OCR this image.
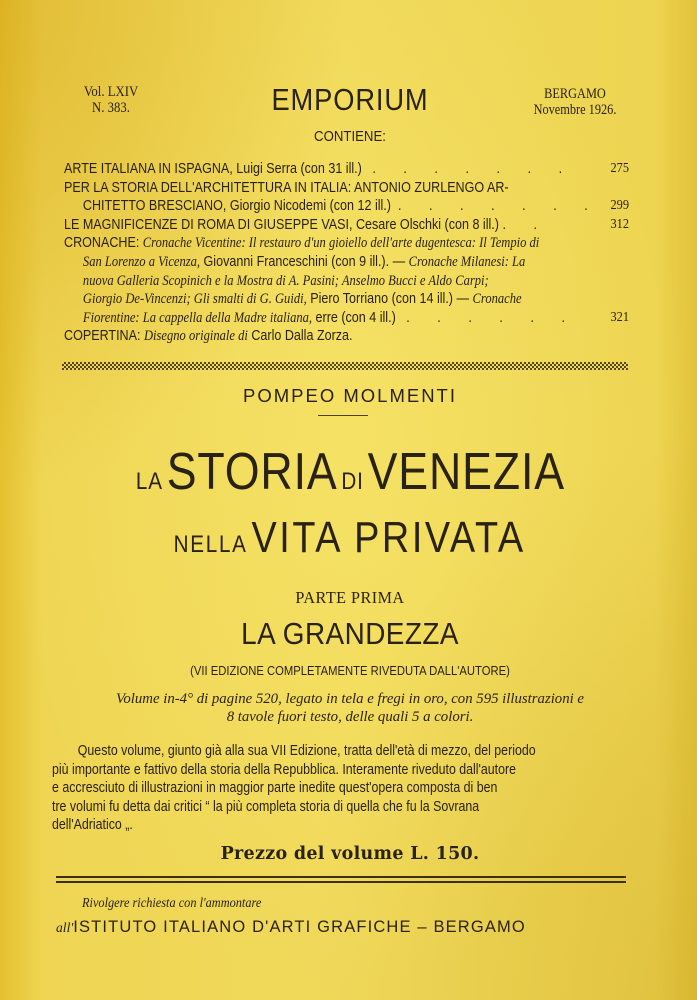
Vol. LXIV
N. 383.	EMPORIUM	BERGAMO
Novembre 1926.
CONTIENE:
ARTE ITALIANA IN ISPAGNA, Luigi Serra (con 31 ill.) . . . . . . .	275
PER LA STORIA DELL'ARCHITETTURA IN ITALIA: ANTONIO ZURLENGO AR-
CHITETTO BRESCIANO, Giorgio Nicodemi (con 12 ill.) . . . . . . . 299
LE MAGNIFICENZE DI ROMA DI GIUSEPPE VASI, Cesare Olschki (con 8 ill.) . .	312
CRONACHE: Cronache Vicentine: Il restauro d'un gioiello dell'arte dugentesca: Il Tempio di
San Lorenzo a Vicenza, Giovanni Franceschini (con 9 ill.). — Cronache Milanesi: La
nuova Galleria Scopinich e la Mostra di A. Pasini; Anselmo Bucci e Aldo Carpi;
Giorgio De-Vincenzi; Gli smalti di G. Guidi, Piero Torriano (con 14 ill.) — Cronache
Fiorentine: La cappella della Madre italiana, erre (con 4 ill.) . . . . . . 321
COPERTINA: Disegno originale di Carlo Dalla Zorza.
POMPEO MOLMENTI
LA STORIA DI VENEZIA
NELLA VITA PRIVATA
PARTE PRIMA
LA GRANDEZZA
(VII EDIZIONE COMPLETAMENTE RIVEDUTA DALL'AUTORE)
Volume in-4° di pagine 520, legato in tela e fregi in oro, con 595 illustrazioni e
8 tavole fuori testo, delle quali 5 a colori.
Questo volume, giunto già alla sua VII Edizione, tratta dell'età di mezzo, del periodo
più importante e fattivo della storia della Repubblica. Interamente riveduto dall'autore
e accresciuto di illustrazioni in maggior parte inedite quest'opera composta di ben
tre volumi fu detta dai critici “ la più completa storia di quella che fu la Sovrana
dell'Adriatico „.
Prezzo del volume L. 150.
Rivolgere richiesta con l'ammontare
all'ISTITUTO ITALIANO D'ARTI GRAFICHE – BERGAMO
